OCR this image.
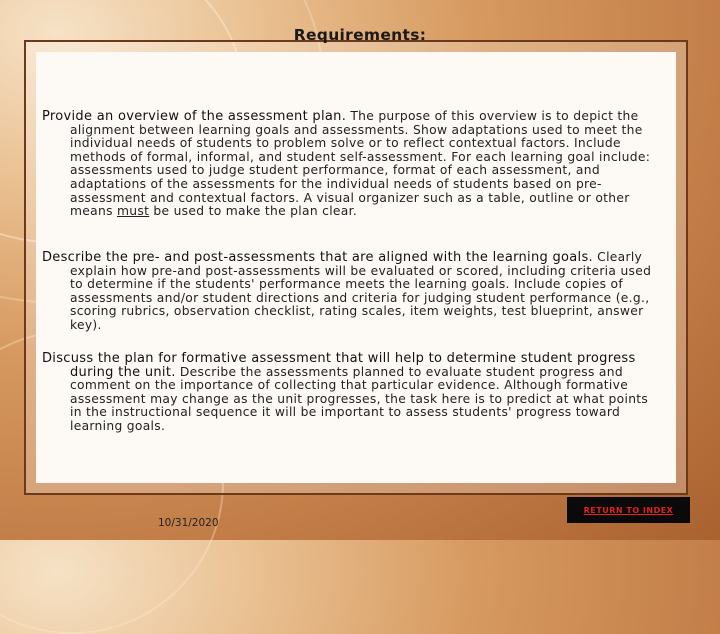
Requirements:
Provide an overview of the assessment plan. The purpose of this overview is to depict the alignment between learning goals and assessments. Show adaptations used to meet the individual needs of students to problem solve or to reflect contextual factors. Include methods of formal, informal, and student self-assessment. For each learning goal include: assessments used to judge student performance, format of each assessment, and adaptations of the assessments for the individual needs of students based on pre-assessment and contextual factors. A visual organizer such as a table, outline or other means must be used to make the plan clear.
Describe the pre- and post-assessments that are aligned with the learning goals. Clearly explain how pre-and post-assessments will be evaluated or scored, including criteria used to determine if the students' performance meets the learning goals. Include copies of assessments and/or student directions and criteria for judging student performance (e.g., scoring rubrics, observation checklist, rating scales, item weights, test blueprint, answer key).
Discuss the plan for formative assessment that will help to determine student progress during the unit. Describe the assessments planned to evaluate student progress and comment on the importance of collecting that particular evidence. Although formative assessment may change as the unit progresses, the task here is to predict at what points in the instructional sequence it will be important to assess students' progress toward learning goals.
RETURN TO INDEX
10/31/2020
